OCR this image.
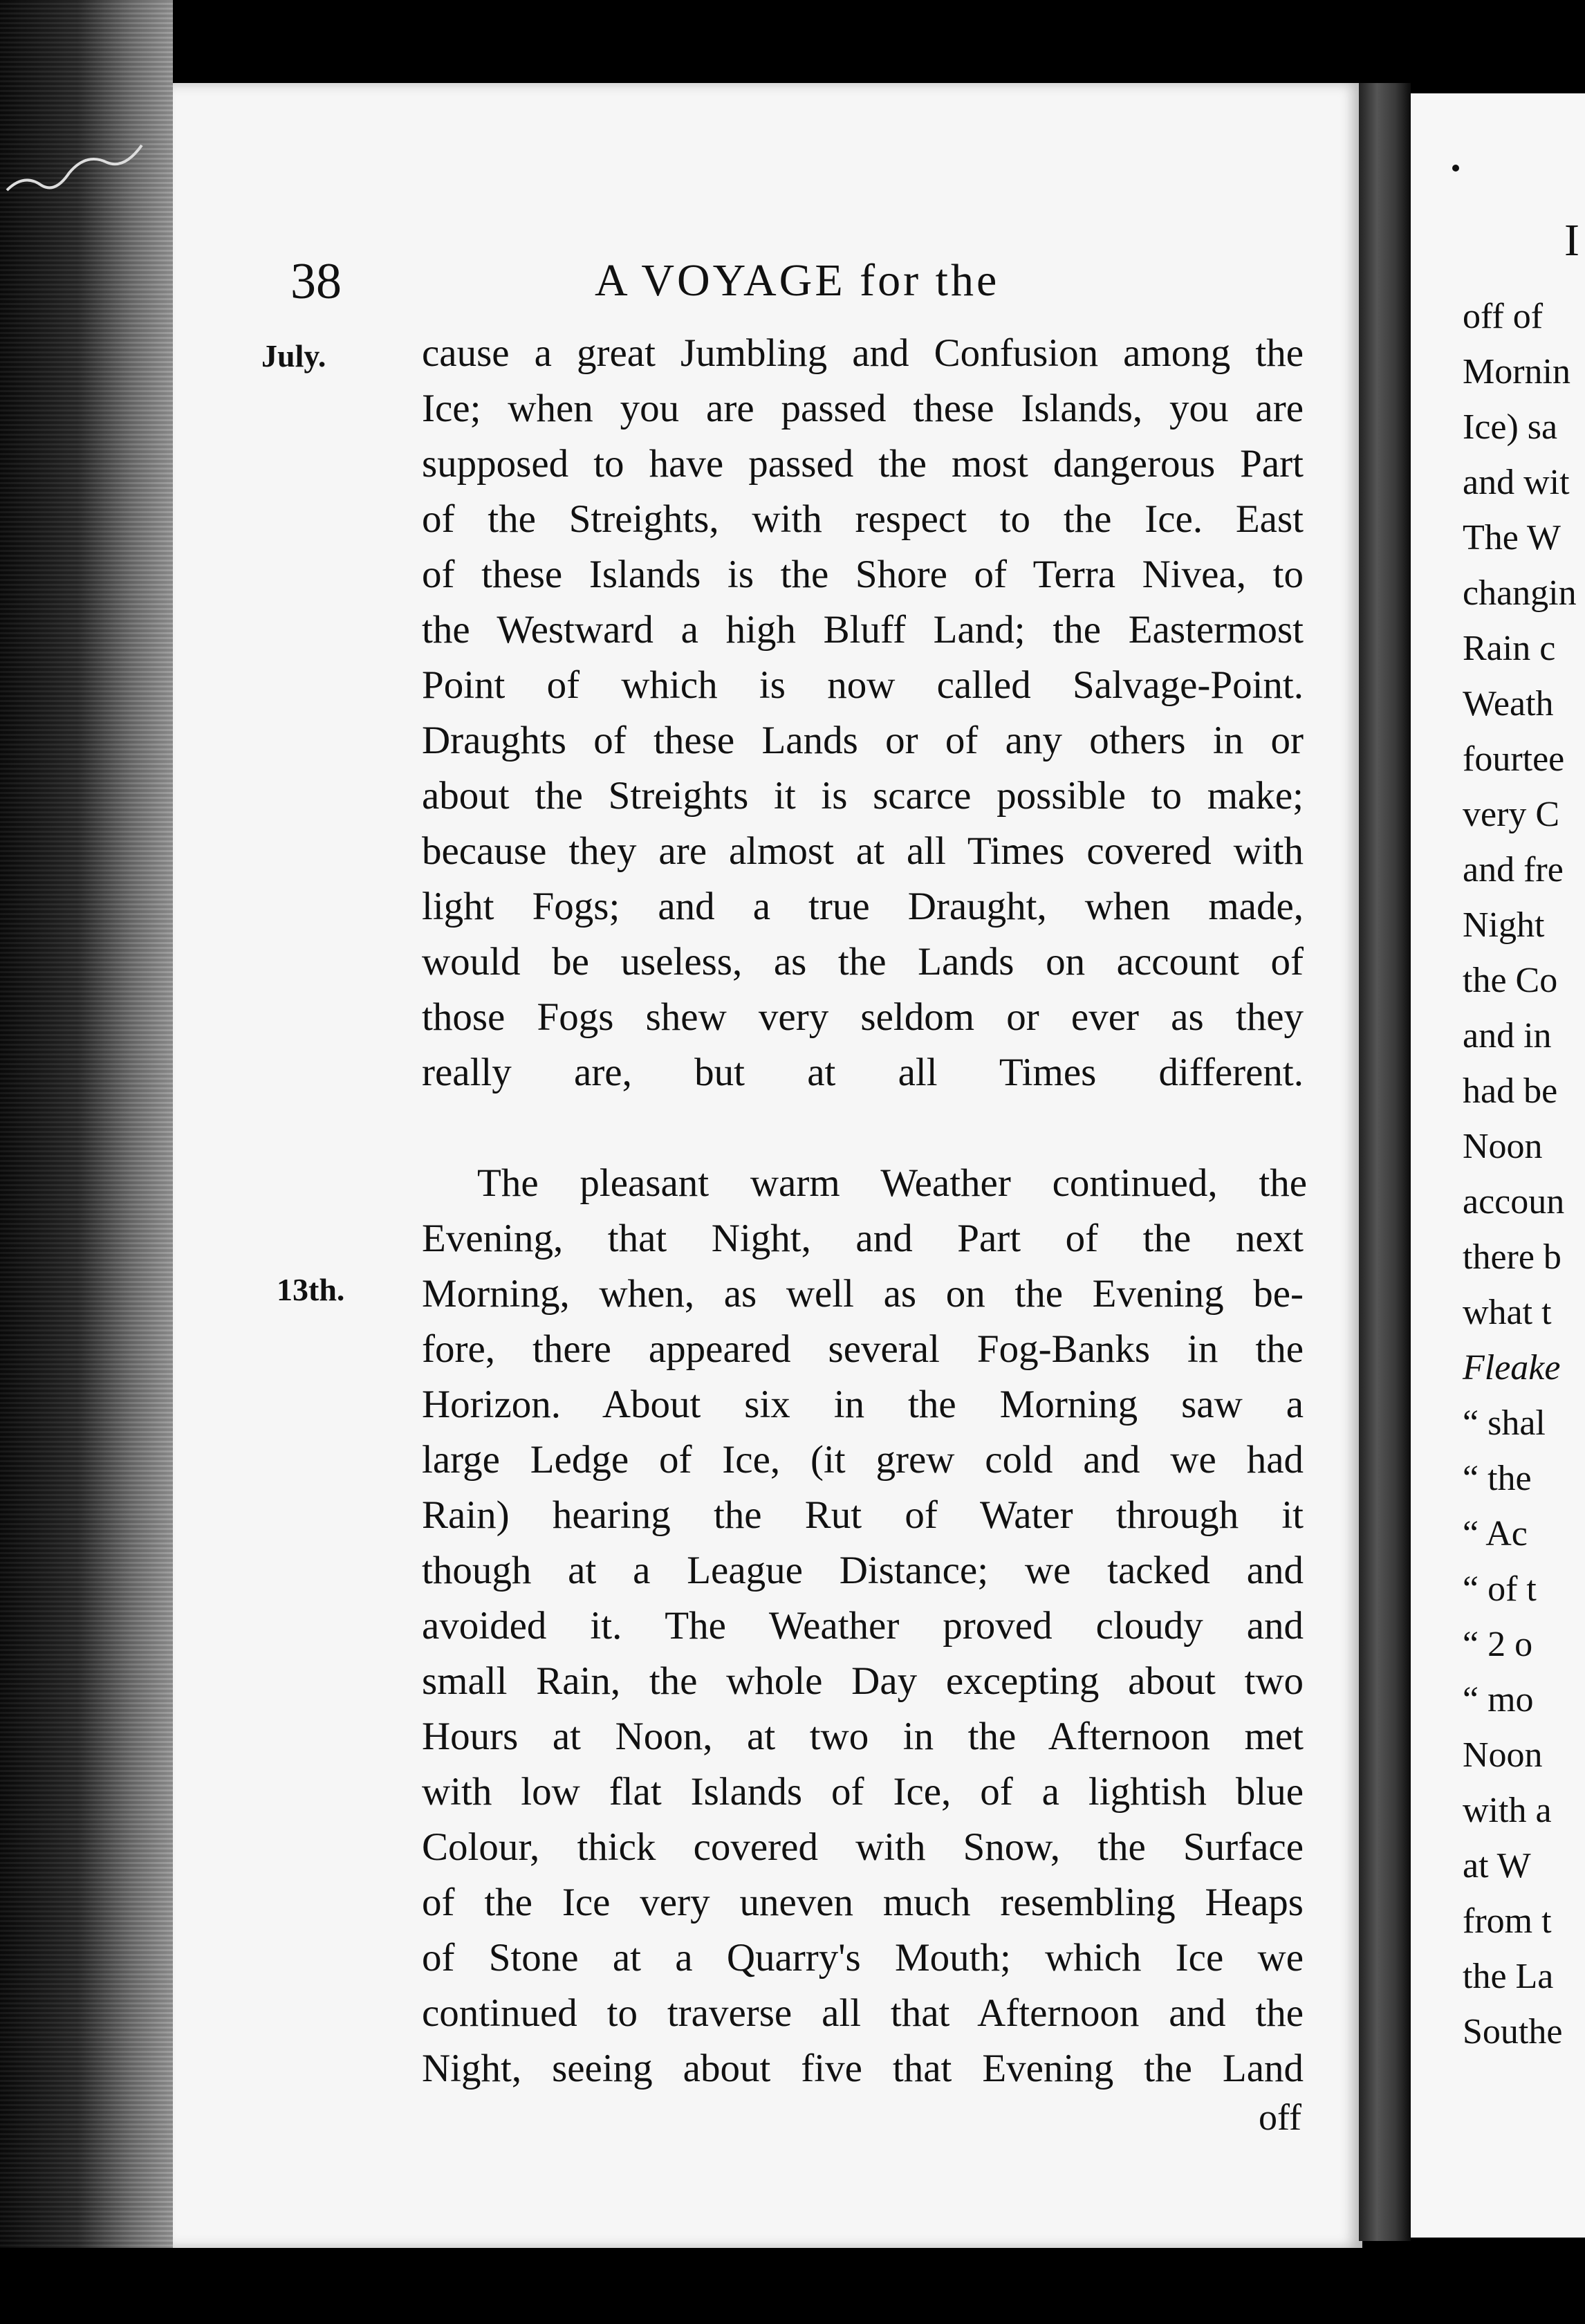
38	A VOYAGE for the
July.
13th.
cause a great Jumbling and Confusion among the
Ice; when you are passed these Islands, you are
supposed to have passed the most dangerous Part
of the Streights, with respect to the Ice. East
of these Islands is the Shore of Terra Nivea, to
the Westward a high Bluff Land; the Eastermost
Point of which is now called Salvage-Point.
Draughts of these Lands or of any others in or
about the Streights it is scarce possible to make;
because they are almost at all Times covered with
light Fogs; and a true Draught, when made,
would be useless, as the Lands on account of
those Fogs shew very seldom or ever as they
really are, but at all Times different.
The pleasant warm Weather continued, the
Evening, that Night, and Part of the next
Morning, when, as well as on the Evening be-
fore, there appeared several Fog-Banks in the
Horizon. About six in the Morning saw a
large Ledge of Ice, (it grew cold and we had
Rain) hearing the Rut of Water through it
though at a League Distance; we tacked and
avoided it. The Weather proved cloudy and
small Rain, the whole Day excepting about two
Hours at Noon, at two in the Afternoon met
with low flat Islands of Ice, of a lightish blue
Colour, thick covered with Snow, the Surface
of the Ice very uneven much resembling Heaps
of Stone at a Quarry's Mouth; which Ice we
continued to traverse all that Afternoon and the
Night, seeing about five that Evening the Land
off
I
off of
Mornin
Ice) sa
and wit
The W
changin
Rain c
Weath
fourtee
very C
and fre
Night
the Co
and in
had be
Noon
accoun
there b
what t
Fleake
“ shal
“ the
“ Ac
“ of t
“ 2 o
“ mo
Noon
with a
at W
from t
the La
Southe
